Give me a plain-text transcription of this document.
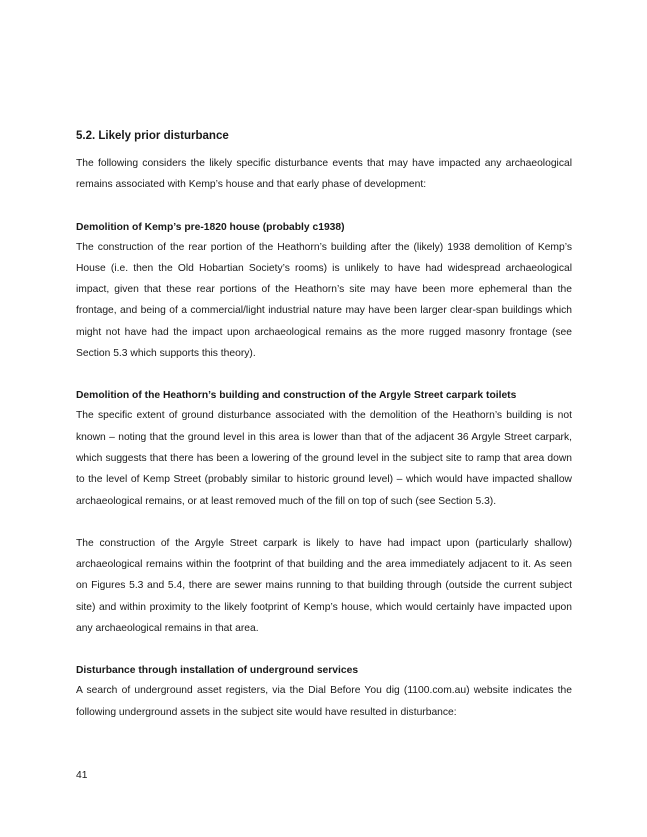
5.2. Likely prior disturbance

The following considers the likely specific disturbance events that may have impacted any archaeological remains associated with Kemp’s house and that early phase of development:

Demolition of Kemp’s pre-1820 house (probably c1938)

The construction of the rear portion of the Heathorn’s building after the (likely) 1938 demolition of Kemp’s House (i.e. then the Old Hobartian Society’s rooms) is unlikely to have had widespread archaeological impact, given that these rear portions of the Heathorn’s site may have been more ephemeral than the frontage, and being of a commercial/light industrial nature may have been larger clear-span buildings which might not have had the impact upon archaeological remains as the more rugged masonry frontage (see Section 5.3 which supports this theory).

Demolition of the Heathorn’s building and construction of the Argyle Street carpark toilets

The specific extent of ground disturbance associated with the demolition of the Heathorn’s building is not known – noting that the ground level in this area is lower than that of the adjacent 36 Argyle Street carpark, which suggests that there has been a lowering of the ground level in the subject site to ramp that area down to the level of Kemp Street (probably similar to historic ground level) – which would have impacted shallow archaeological remains, or at least removed much of the fill on top of such (see Section 5.3).

The construction of the Argyle Street carpark is likely to have had impact upon (particularly shallow) archaeological remains within the footprint of that building and the area immediately adjacent to it. As seen on Figures 5.3 and 5.4, there are sewer mains running to that building through (outside the current subject site) and within proximity to the likely footprint of Kemp’s house, which would certainly have impacted upon any archaeological remains in that area.

Disturbance through installation of underground services

A search of underground asset registers, via the Dial Before You dig (1100.com.au) website indicates the following underground assets in the subject site would have resulted in disturbance:

41
